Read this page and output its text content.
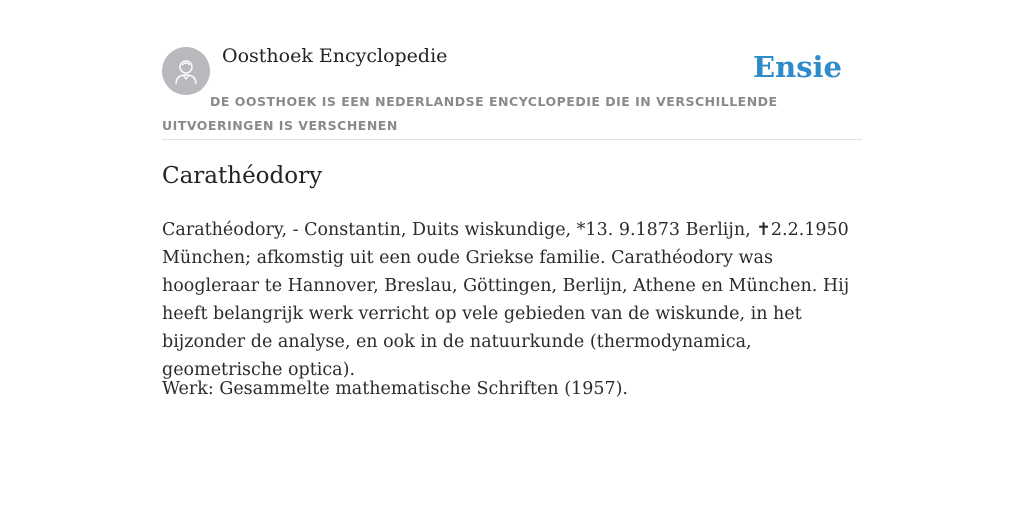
Oosthoek Encyclopedie	Ensie
DE OOSTHOEK IS EEN NEDERLANDSE ENCYCLOPEDIE DIE IN VERSCHILLENDE UITVOERINGEN IS VERSCHENEN
Carathéodory

Carathéodory, - Constantin, Duits wiskundige, *13. 9.1873 Berlijn, ✝2.2.1950 München; afkomstig uit een oude Griekse familie. Carathéodory was hoogleraar te Hannover, Breslau, Göttingen, Berlijn, Athene en München. Hij heeft belangrijk werk verricht op vele gebieden van de wiskunde, in het bijzonder de analyse, en ook in de natuurkunde (thermodynamica, geometrische optica).

Werk: Gesammelte mathematische Schriften (1957).
